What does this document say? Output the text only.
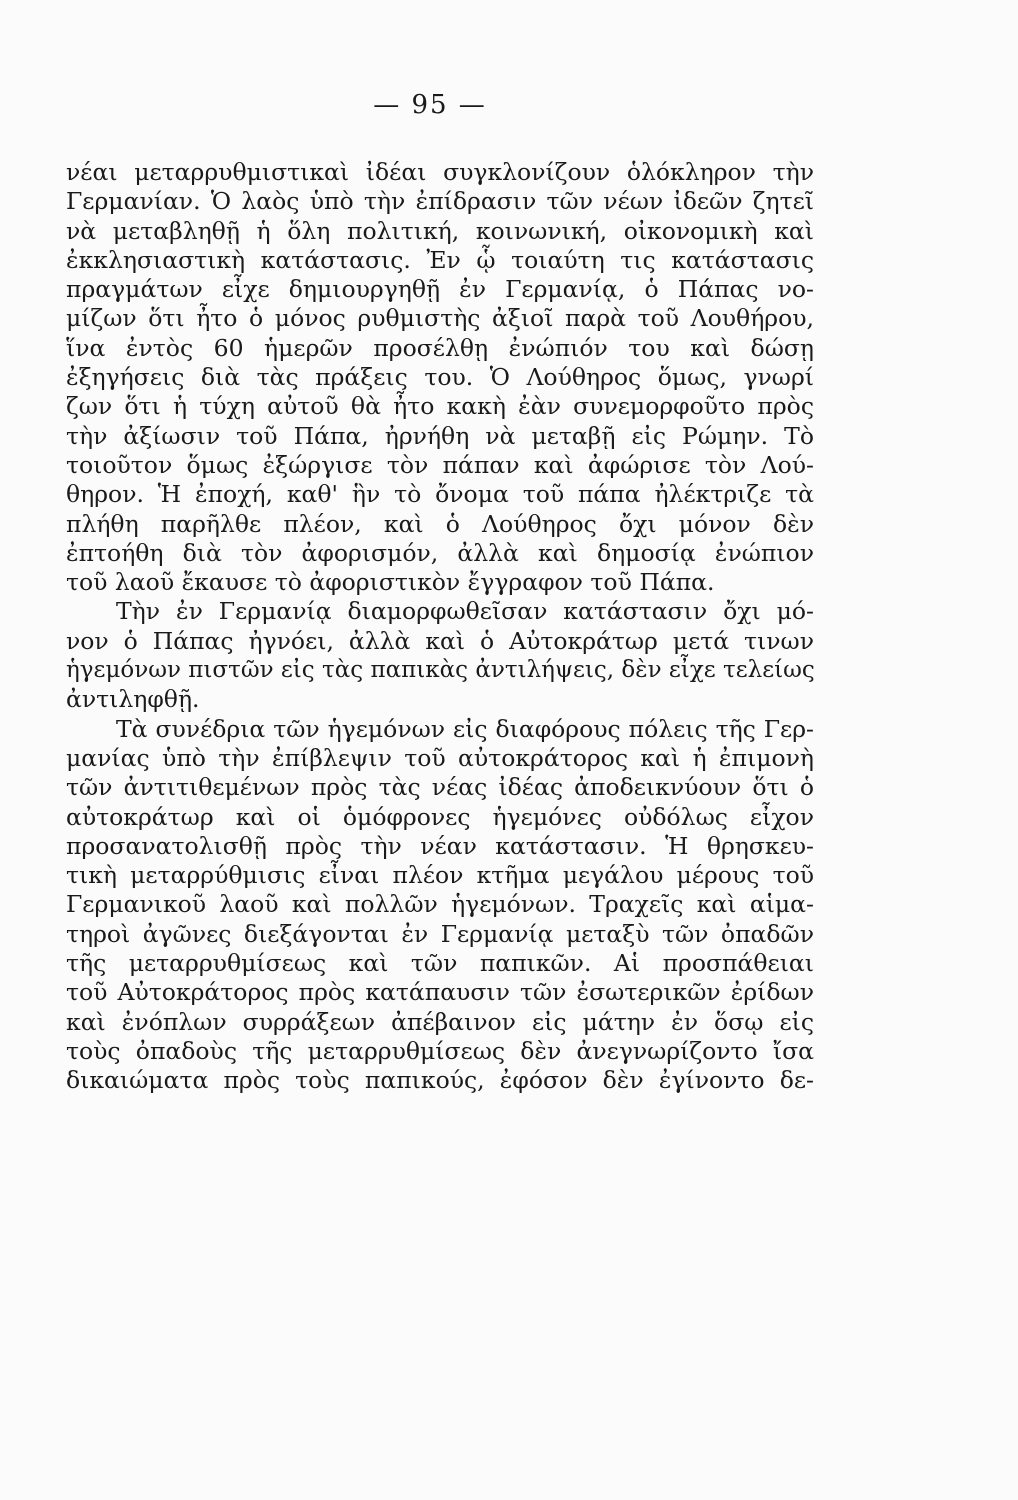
— 95 —
νέαι μεταρρυθμιστικαὶ ἰδέαι συγκλονίζουν ὁλόκληρον τὴν
Γερμανίαν. Ὁ λαὸς ὑπὸ τὴν ἐπίδρασιν τῶν νέων ἰδεῶν ζητεῖ
νὰ μεταβληθῇ ἡ ὅλη πολιτική, κοινωνική, οἰκονομικὴ καὶ
ἐκκλησιαστικὴ κατάστασις. Ἐν ᾧ τοιαύτη τις κατάστασις
πραγμάτων εἶχε δημιουργηθῇ ἐν Γερμανίᾳ, ὁ Πάπας νο-
μίζων ὅτι ἦτο ὁ μόνος ρυθμιστὴς ἀξιοῖ παρὰ τοῦ Λουθήρου,
ἵνα ἐντὸς 60 ἡμερῶν προσέλθῃ ἐνώπιόν του καὶ δώσῃ
ἐξηγήσεις διὰ τὰς πράξεις του. Ὁ Λούθηρος ὅμως, γνωρί
ζων ὅτι ἡ τύχη αὐτοῦ θὰ ἦτο κακὴ ἐὰν συνεμορφοῦτο πρὸς
τὴν ἀξίωσιν τοῦ Πάπα, ἠρνήθη νὰ μεταβῇ εἰς Ρώμην. Τὸ
τοιοῦτον ὅμως ἐξώργισε τὸν πάπαν καὶ ἀφώρισε τὸν Λού-
θηρον. Ἡ ἐποχή, καθ' ἣν τὸ ὄνομα τοῦ πάπα ἠλέκτριζε τὰ
πλήθη παρῆλθε πλέον, καὶ ὁ Λούθηρος ὄχι μόνον δὲν
ἐπτοήθη διὰ τὸν ἀφορισμόν, ἀλλὰ καὶ δημοσίᾳ ἐνώπιον
τοῦ λαοῦ ἔκαυσε τὸ ἀφοριστικὸν ἔγγραφον τοῦ Πάπα.
Τὴν ἐν Γερμανίᾳ διαμορφωθεῖσαν κατάστασιν ὄχι μό-
νον ὁ Πάπας ἠγνόει, ἀλλὰ καὶ ὁ Αὐτοκράτωρ μετά τινων
ἡγεμόνων πιστῶν εἰς τὰς παπικὰς ἀντιλήψεις, δὲν εἶχε τελείως
ἀντιληφθῇ.
Τὰ συνέδρια τῶν ἡγεμόνων εἰς διαφόρους πόλεις τῆς Γερ-
μανίας ὑπὸ τὴν ἐπίβλεψιν τοῦ αὐτοκράτορος καὶ ἡ ἐπιμονὴ
τῶν ἀντιτιθεμένων πρὸς τὰς νέας ἰδέας ἀποδεικνύουν ὅτι ὁ
αὐτοκράτωρ καὶ οἱ ὁμόφρονες ἡγεμόνες οὐδόλως εἶχον
προσανατολισθῇ πρὸς τὴν νέαν κατάστασιν. Ἡ θρησκευ-
τικὴ μεταρρύθμισις εἶναι πλέον κτῆμα μεγάλου μέρους τοῦ
Γερμανικοῦ λαοῦ καὶ πολλῶν ἡγεμόνων. Τραχεῖς καὶ αἱμα-
τηροὶ ἀγῶνες διεξάγονται ἐν Γερμανίᾳ μεταξὺ τῶν ὀπαδῶν
τῆς μεταρρυθμίσεως καὶ τῶν παπικῶν. Αἱ προσπάθειαι
τοῦ Αὐτοκράτορος πρὸς κατάπαυσιν τῶν ἐσωτερικῶν ἐρίδων
καὶ ἐνόπλων συρράξεων ἀπέβαινον εἰς μάτην ἐν ὅσῳ εἰς
τοὺς ὀπαδοὺς τῆς μεταρρυθμίσεως δὲν ἀνεγνωρίζοντο ἴσα
δικαιώματα πρὸς τοὺς παπικούς, ἐφόσον δὲν ἐγίνοντο δε-
